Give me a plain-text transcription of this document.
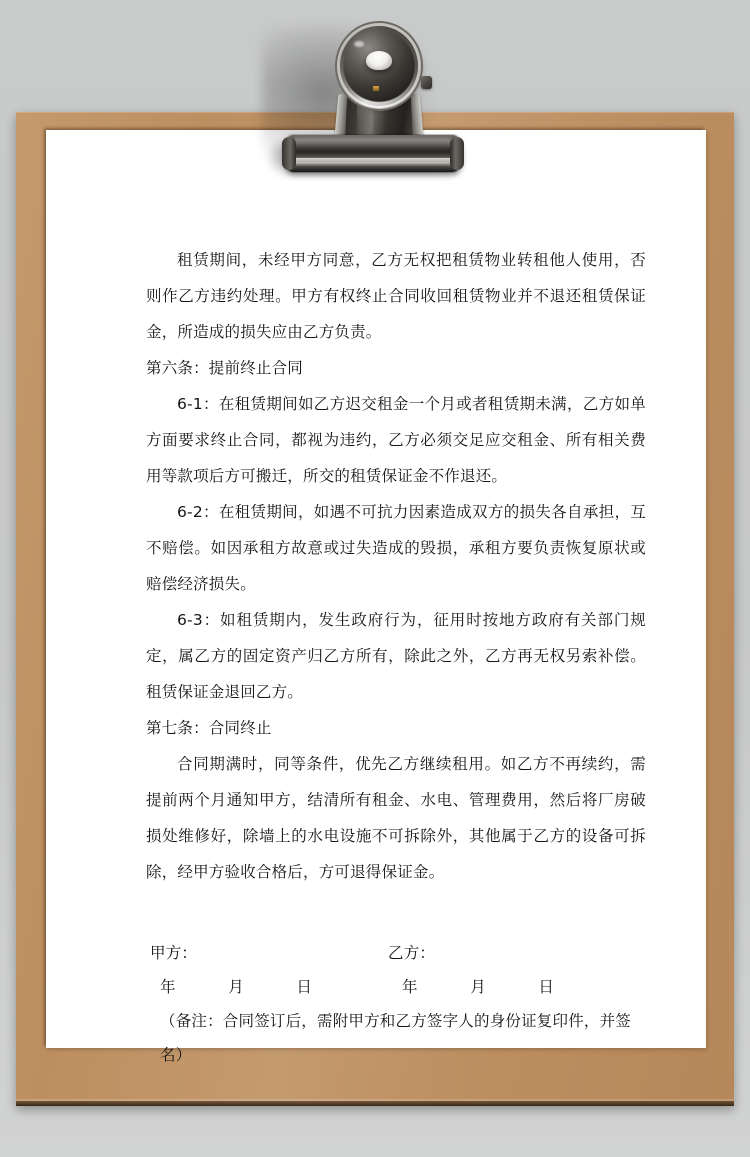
租赁期间，未经甲方同意，乙方无权把租赁物业转租他人使用，否则作乙方违约处理。甲方有权终止合同收回租赁物业并不退还租赁保证金，所造成的损失应由乙方负责。

第六条：提前终止合同

6-1：在租赁期间如乙方迟交租金一个月或者租赁期未满，乙方如单方面要求终止合同，都视为违约，乙方必须交足应交租金、所有相关费用等款项后方可搬迁，所交的租赁保证金不作退还。

6-2：在租赁期间，如遇不可抗力因素造成双方的损失各自承担，互不赔偿。如因承租方故意或过失造成的毁损，承租方要负责恢复原状或赔偿经济损失。

6-3：如租赁期内，发生政府行为，征用时按地方政府有关部门规定，属乙方的固定资产归乙方所有，除此之外，乙方再无权另索补偿。租赁保证金退回乙方。

第七条：合同终止

合同期满时，同等条件，优先乙方继续租用。如乙方不再续约，需提前两个月通知甲方，结清所有租金、水电、管理费用，然后将厂房破损处维修好，除墙上的水电设施不可拆除外，其他属于乙方的设备可拆除，经甲方验收合格后，方可退得保证金。

甲方：	乙方：
年　月　日	年　月　日
（备注：合同签订后，需附甲方和乙方签字人的身份证复印件，并签名）
